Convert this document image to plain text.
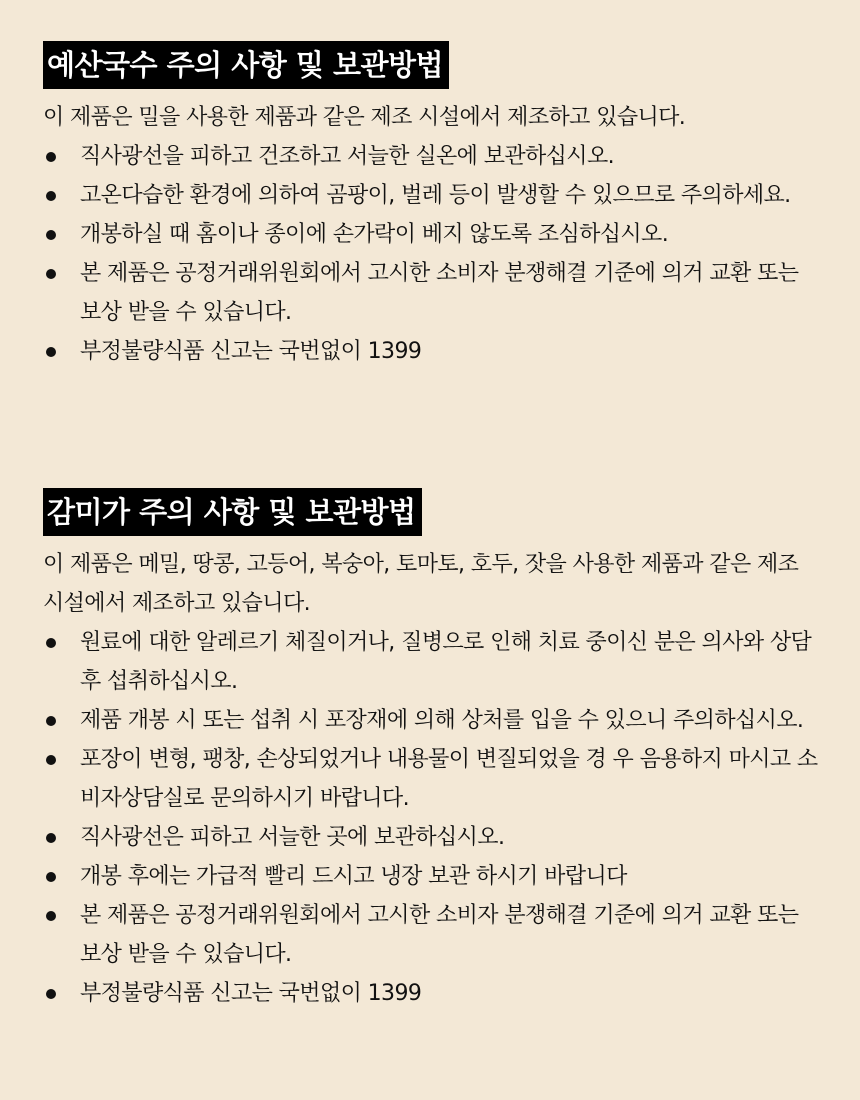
예산국수 주의 사항 및 보관방법

이 제품은 밀을 사용한 제품과 같은 제조 시설에서 제조하고 있습니다.

직사광선을 피하고 건조하고 서늘한 실온에 보관하십시오.
고온다습한 환경에 의하여 곰팡이, 벌레 등이 발생할 수 있으므로 주의하세요.
개봉하실 때 홈이나 종이에 손가락이 베지 않도록 조심하십시오.
본 제품은 공정거래위원회에서 고시한 소비자 분쟁해결 기준에 의거 교환 또는 보상 받을 수 있습니다.
부정불량식품 신고는 국번없이 1399
감미가 주의 사항 및 보관방법

이 제품은 메밀, 땅콩, 고등어, 복숭아, 토마토, 호두, 잣을 사용한 제품과 같은 제조 시설에서 제조하고 있습니다.

원료에 대한 알레르기 체질이거나, 질병으로 인해 치료 중이신 분은 의사와 상담 후 섭취하십시오.
제품 개봉 시 또는 섭취 시 포장재에 의해 상처를 입을 수 있으니 주의하십시오.
포장이 변형, 팽창, 손상되었거나 내용물이 변질되었을 경 우 음용하지 마시고 소비자상담실로 문의하시기 바랍니다.
직사광선은 피하고 서늘한 곳에 보관하십시오.
개봉 후에는 가급적 빨리 드시고 냉장 보관 하시기 바랍니다
본 제품은 공정거래위원회에서 고시한 소비자 분쟁해결 기준에 의거 교환 또는 보상 받을 수 있습니다.
부정불량식품 신고는 국번없이 1399
